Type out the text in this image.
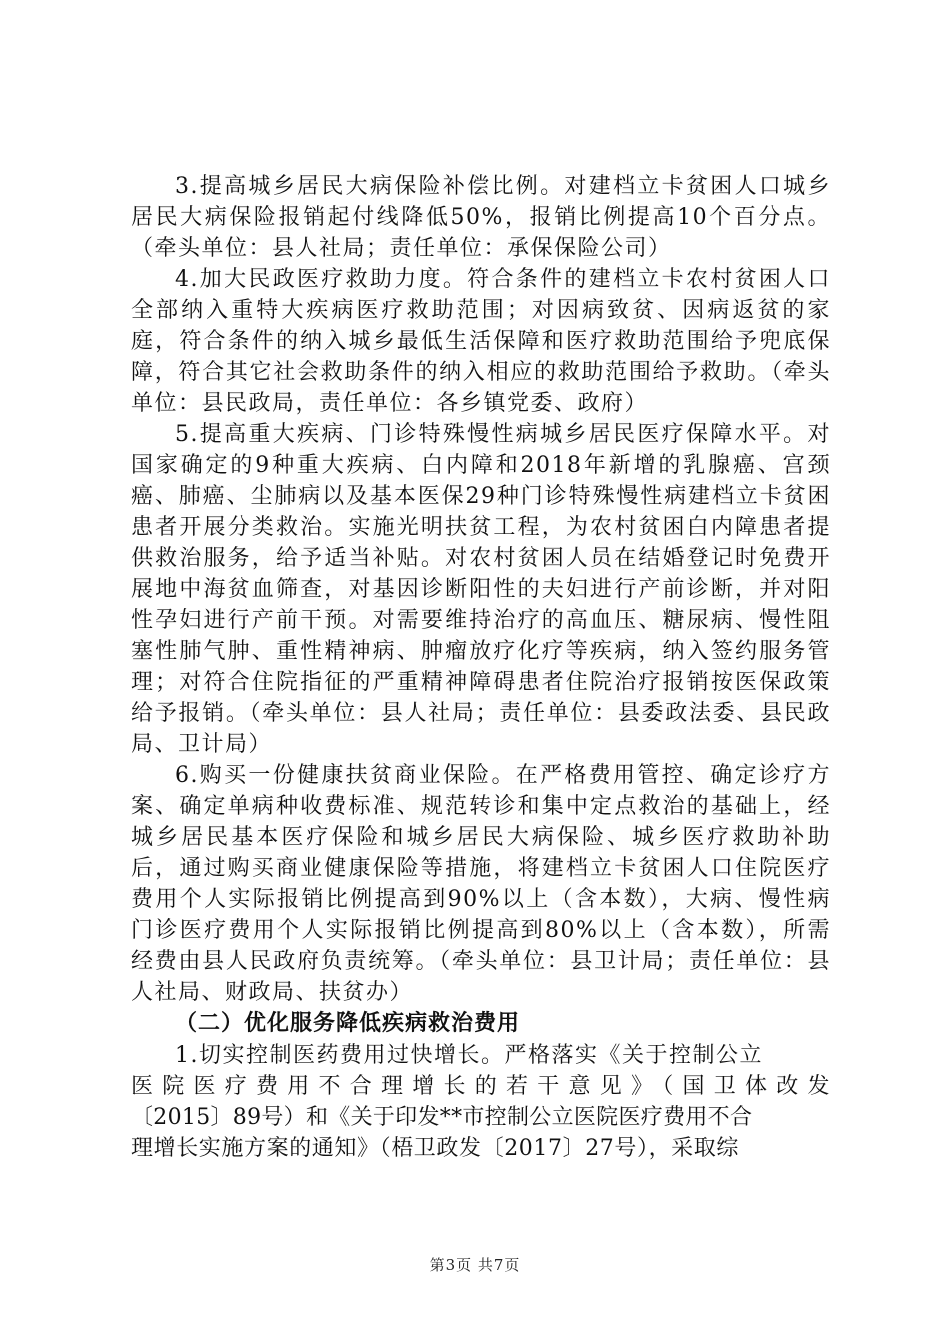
3.提高城乡居民大病保险补偿比例。对建档立卡贫困人口城乡居民大病保险报销起付线降低50%，报销比例提高10个百分点。（牵头单位：县人社局；责任单位：承保保险公司）

4.加大民政医疗救助力度。符合条件的建档立卡农村贫困人口全部纳入重特大疾病医疗救助范围；对因病致贫、因病返贫的家庭，符合条件的纳入城乡最低生活保障和医疗救助范围给予兜底保障，符合其它社会救助条件的纳入相应的救助范围给予救助。（牵头单位：县民政局，责任单位：各乡镇党委、政府）

5.提高重大疾病、门诊特殊慢性病城乡居民医疗保障水平。对国家确定的9种重大疾病、白内障和2018年新增的乳腺癌、宫颈癌、肺癌、尘肺病以及基本医保29种门诊特殊慢性病建档立卡贫困患者开展分类救治。实施光明扶贫工程，为农村贫困白内障患者提供救治服务，给予适当补贴。对农村贫困人员在结婚登记时免费开展地中海贫血筛查，对基因诊断阳性的夫妇进行产前诊断，并对阳性孕妇进行产前干预。对需要维持治疗的高血压、糖尿病、慢性阻塞性肺气肿、重性精神病、肿瘤放疗化疗等疾病，纳入签约服务管理；对符合住院指征的严重精神障碍患者住院治疗报销按医保政策给予报销。（牵头单位：县人社局；责任单位：县委政法委、县民政局、卫计局）

6.购买一份健康扶贫商业保险。在严格费用管控、确定诊疗方案、确定单病种收费标准、规范转诊和集中定点救治的基础上，经城乡居民基本医疗保险和城乡居民大病保险、城乡医疗救助补助后，通过购买商业健康保险等措施，将建档立卡贫困人口住院医疗费用个人实际报销比例提高到90%以上（含本数），大病、慢性病门诊医疗费用个人实际报销比例提高到80%以上（含本数），所需经费由县人民政府负责统筹。（牵头单位：县卫计局；责任单位：县人社局、财政局、扶贫办）

（二）优化服务降低疾病救治费用

1.切实控制医药费用过快增长。严格落实《关于控制公立
医院医疗费用不合理增长的若干意见》（国卫体改发
〔2015〕89号）和《关于印发**市控制公立医院医疗费用不合
理增长实施方案的通知》（梧卫政发〔2017〕27号），采取综

第3页 共7页
